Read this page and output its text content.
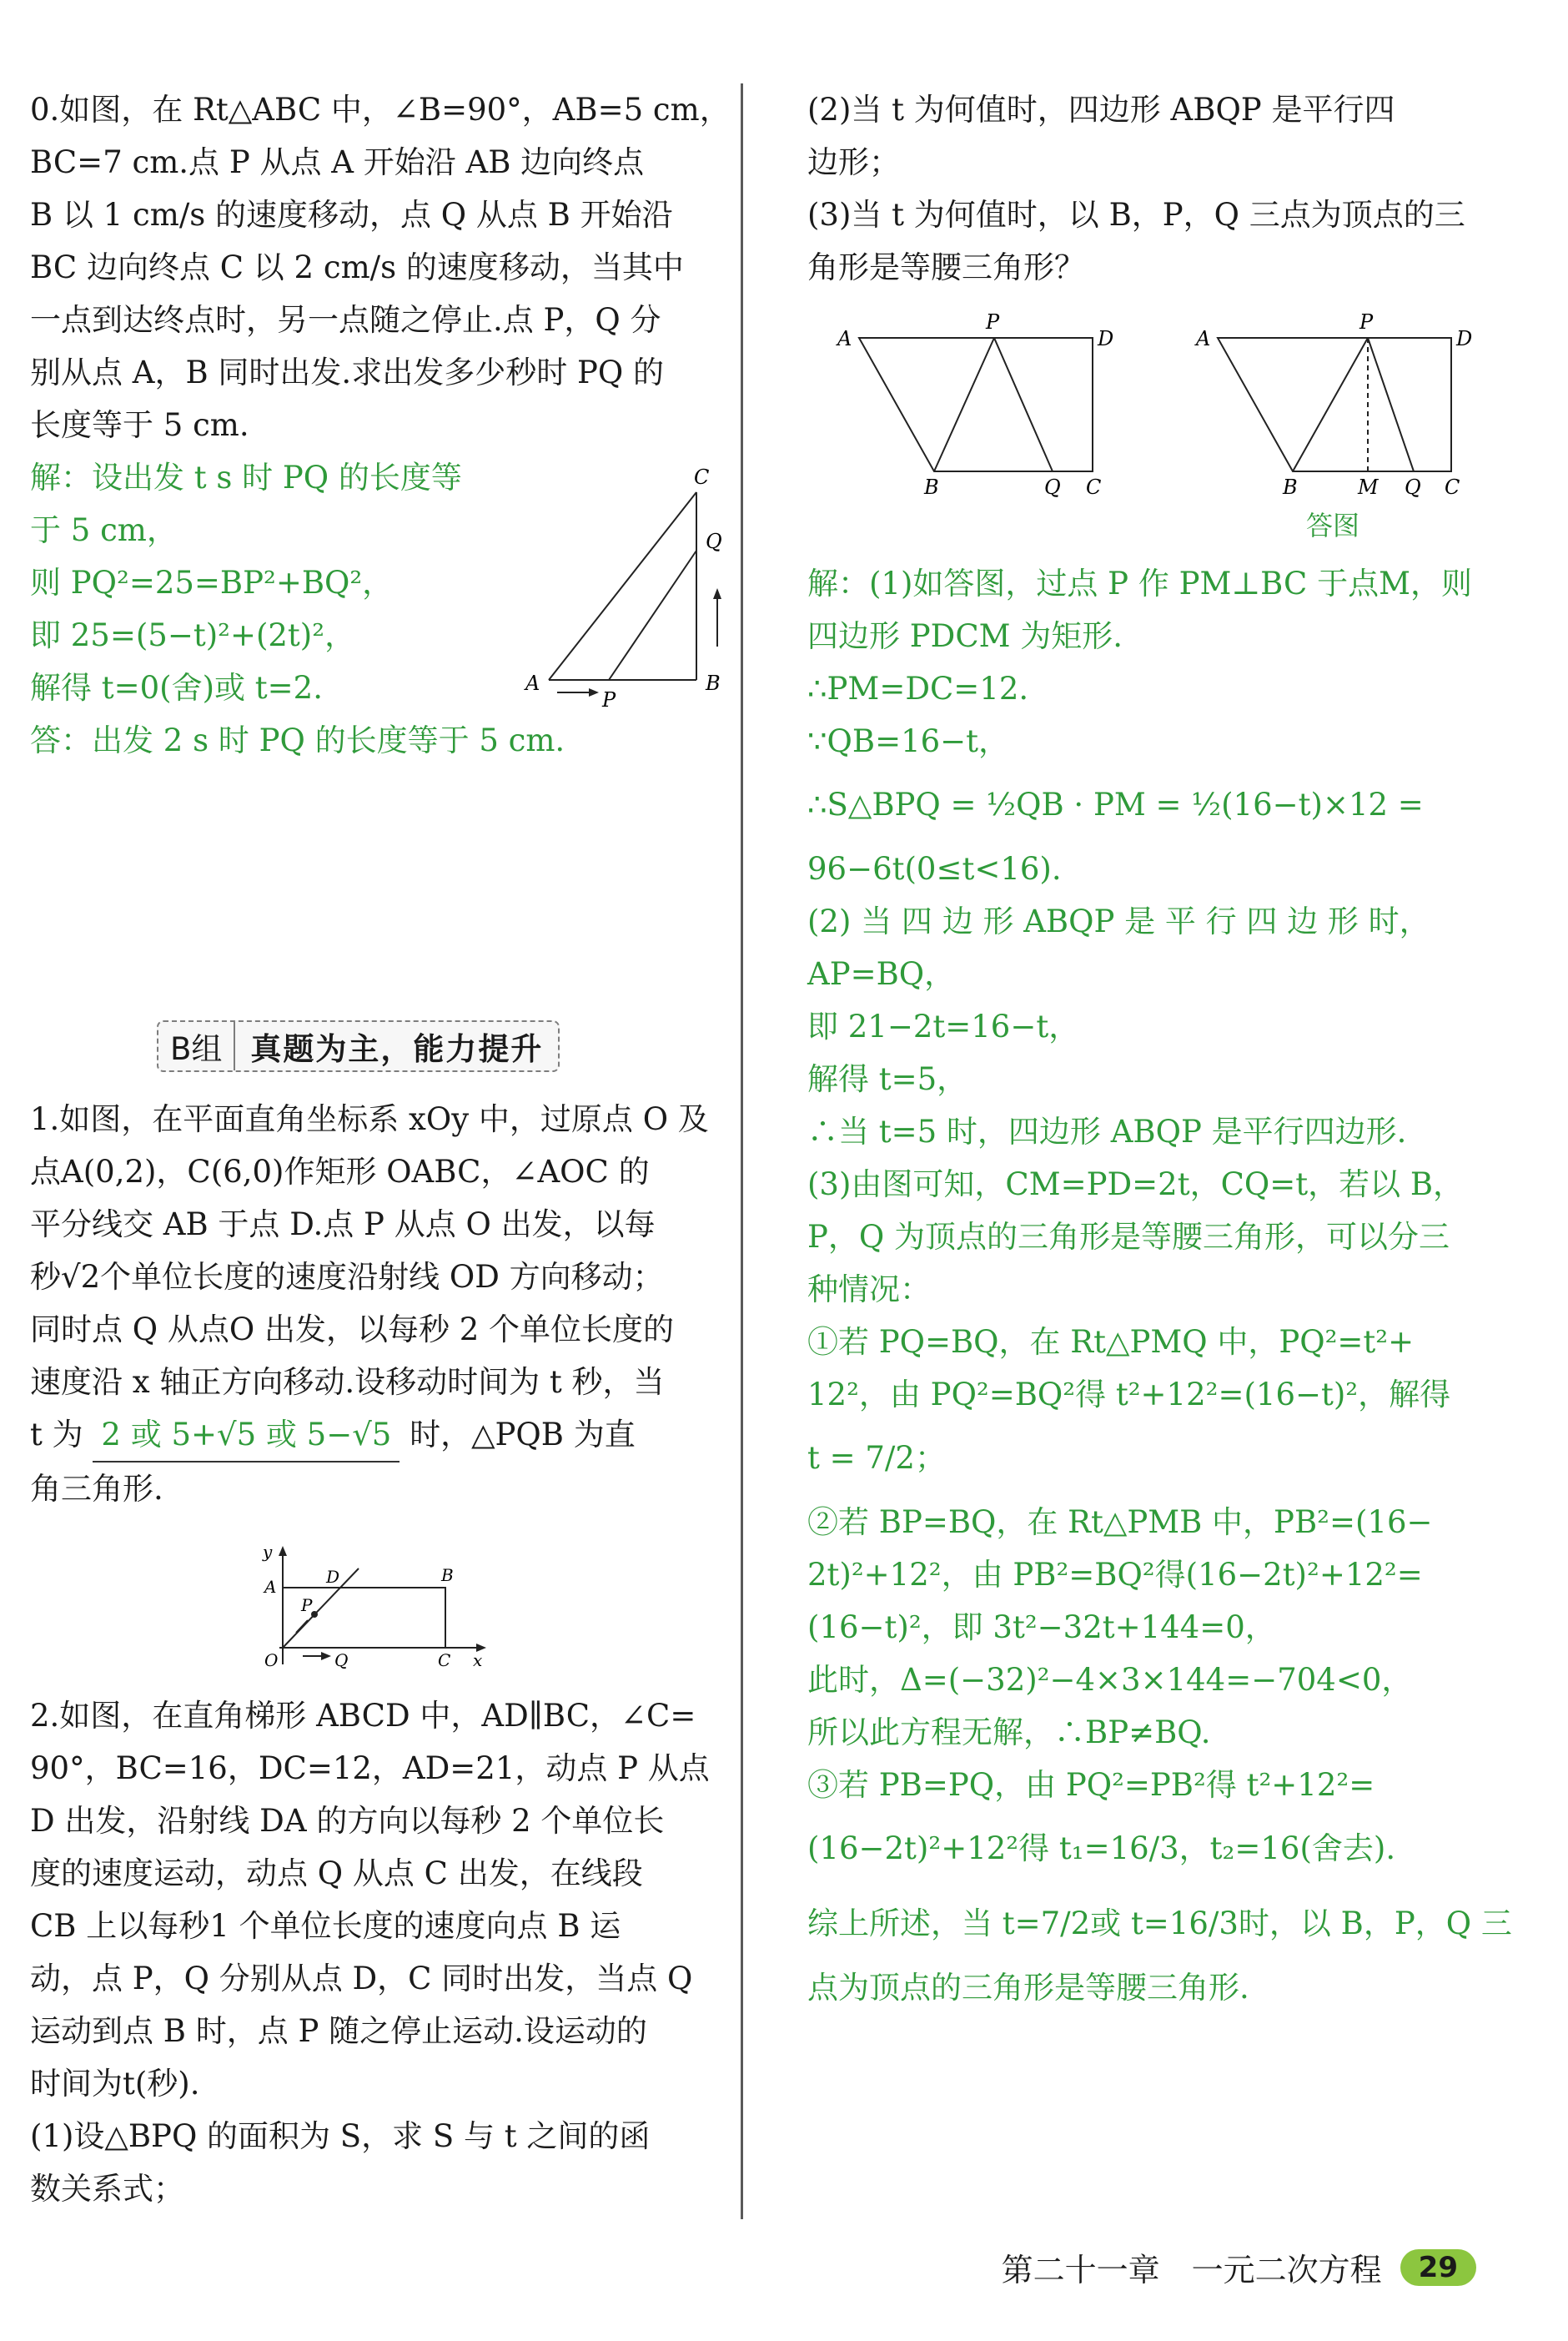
0.如图，在 Rt△ABC 中，∠B=90°，AB=5 cm，

BC=7 cm.点 P 从点 A 开始沿 AB 边向终点

B 以 1 cm/s 的速度移动，点 Q 从点 B 开始沿

BC 边向终点 C 以 2 cm/s 的速度移动，当其中

一点到达终点时，另一点随之停止.点 P，Q 分

别从点 A，B 同时出发.求出发多少秒时 PQ 的

长度等于 5 cm.

解：设出发 t s 时 PQ 的长度等

于 5 cm，

则 PQ²=25=BP²+BQ²，

即 25=(5−t)²+(2t)²，

解得 t=0(舍)或 t=2.

答：出发 2 s 时 PQ 的长度等于 5 cm.

A	B
C
P
Q
B组 真题为主，能力提升

1.如图，在平面直角坐标系 xOy 中，过原点 O 及

点A(0,2)，C(6,0)作矩形 OABC，∠AOC 的

平分线交 AB 于点 D.点 P 从点 O 出发，以每

秒√2个单位长度的速度沿射线 OD 方向移动；

同时点 Q 从点O 出发，以每秒 2 个单位长度的

速度沿 x 轴正方向移动.设移动时间为 t 秒，当

t 为 2 或 5+√5 或 5−√5 时，△PQB 为直

角三角形.

y
A	D	B
P
O	Q	C x

2.如图，在直角梯形 ABCD 中，AD∥BC，∠C=

90°，BC=16，DC=12，AD=21，动点 P 从点

D 出发，沿射线 DA 的方向以每秒 2 个单位长

度的速度运动，动点 Q 从点 C 出发，在线段

CB 上以每秒1 个单位长度的速度向点 B 运

动，点 P，Q 分别从点 D，C 同时出发，当点 Q

运动到点 B 时，点 P 随之停止运动.设运动的

时间为t(秒).

(1)设△BPQ 的面积为 S，求 S 与 t 之间的函

数关系式；

(2)当 t 为何值时，四边形 ABQP 是平行四

边形；

(3)当 t 为何值时，以 B，P，Q 三点为顶点的三

角形是等腰三角形？

A
P
D
B	Q C
A
P
D
B	M Q C
答图

解：(1)如答图，过点 P 作 PM⊥BC 于点M，则

四边形 PDCM 为矩形.

∴PM=DC=12.

∵QB=16−t，

∴S△BPQ = ½QB · PM = ½(16−t)×12 =

96−6t(0≤t<16).

(2) 当 四 边 形 ABQP 是 平 行 四 边 形 时，

AP=BQ，

即 21−2t=16−t，

解得 t=5，

∴当 t=5 时，四边形 ABQP 是平行四边形.

(3)由图可知，CM=PD=2t，CQ=t，若以 B，

P，Q 为顶点的三角形是等腰三角形，可以分三

种情况：

①若 PQ=BQ，在 Rt△PMQ 中，PQ²=t²+

12²，由 PQ²=BQ²得 t²+12²=(16−t)²，解得

t = 7/2；

②若 BP=BQ，在 Rt△PMB 中，PB²=(16−

2t)²+12²，由 PB²=BQ²得(16−2t)²+12²=

(16−t)²，即 3t²−32t+144=0，

此时，Δ=(−32)²−4×3×144=−704<0，

所以此方程无解，∴BP≠BQ.

③若 PB=PQ，由 PQ²=PB²得 t²+12²=

(16−2t)²+12²得 t₁=16/3，t₂=16(舍去).

综上所述，当 t=7/2或 t=16/3时，以 B，P，Q 三

点为顶点的三角形是等腰三角形.

第二十一章　一元二次方程	29
